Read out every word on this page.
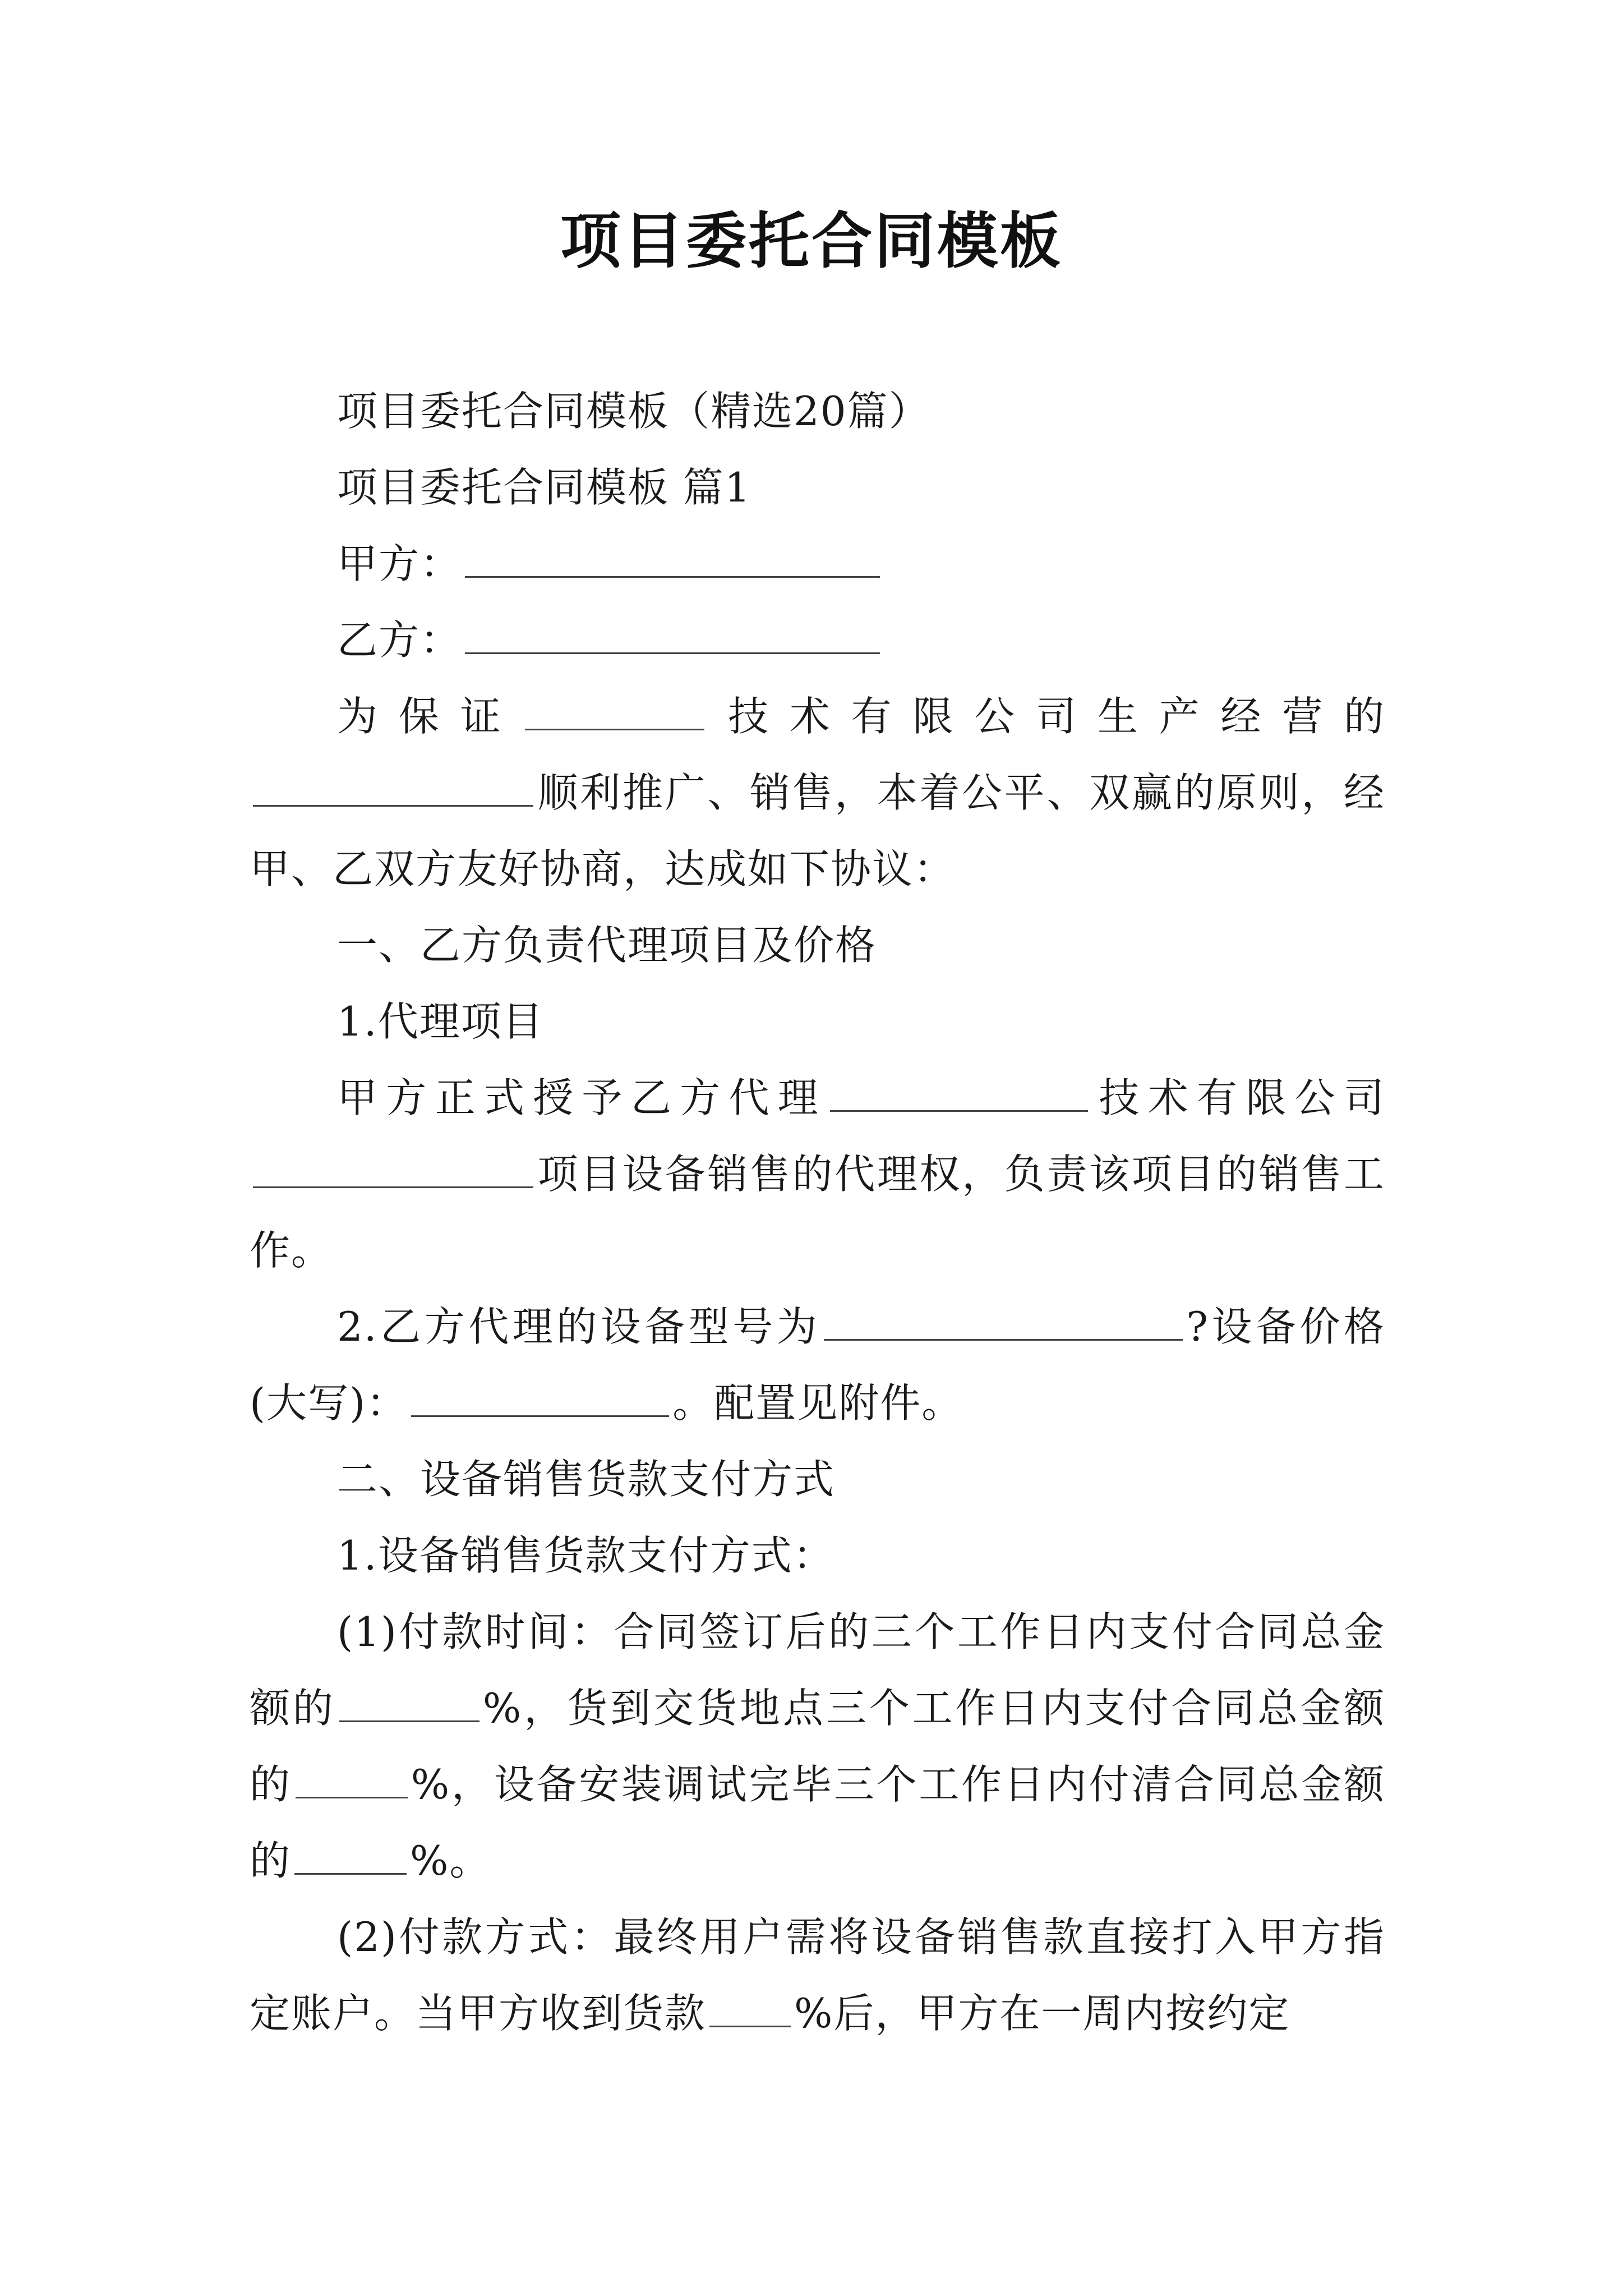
项目委托合同模板

项目委托合同模板（精选20篇）

项目委托合同模板 篇1

甲方：

乙方：

为保证	技术有限公司生产经营的顺利推广、销售，本着公平、双赢的原则，经甲、乙双方友好协商，达成如下协议：

一、乙方负责代理项目及价格

1.代理项目

甲方正式授予乙方代理	技术有限公司项目设备销售的代理权，负责该项目的销售工作。

2.乙方代理的设备型号为	?设备价格(大写)：	。配置见附件。

二、设备销售货款支付方式

1.设备销售货款支付方式：

(1)付款时间：合同签订后的三个工作日内支付合同总金额的	%，货到交货地点三个工作日内支付合同总金额的	%，设备安装调试完毕三个工作日内付清合同总金额的	%。

(2)付款方式：最终用户需将设备销售款直接打入甲方指定账户。当甲方收到货款 %后，甲方在一周内按约定
